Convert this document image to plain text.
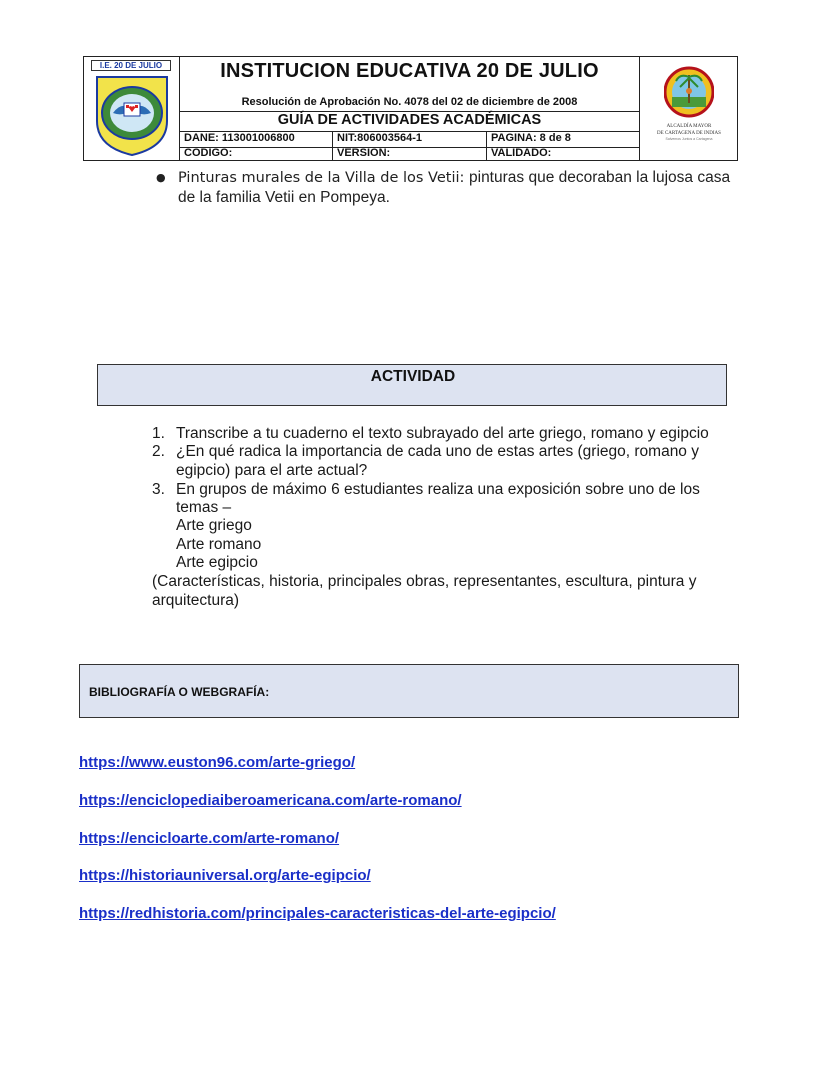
I.E. 20 DE JULIO	INSTITUCION EDUCATIVA 20 DE JULIO
Resolución de Aprobación No. 4078 del 02 de diciembre de 2008
GUÍA DE ACTIVIDADES ACADÉMICAS
DANE: 113001006800	NIT:806003564-1	PAGINA: 8 de 8
CODIGO:	VERSION:	VALIDADO:
ALCALDÍA MAYOR
DE CARTAGENA DE INDIAS
Salvemos Juntos a Cartagena
● Pinturas murales de la Villa de los Vetii: pinturas que decoraban la lujosa casa
de la familia Vetii en Pompeya.
ACTIVIDAD
1. Transcribe a tu cuaderno el texto subrayado del arte griego, romano y egipcio
2. ¿En qué radica la importancia de cada uno de estas artes (griego, romano y
egipcio) para el arte actual?
3. En grupos de máximo 6 estudiantes realiza una exposición sobre uno de los
temas –
Arte griego
Arte romano
Arte egipcio
(Características, historia, principales obras, representantes, escultura, pintura y
arquitectura)
BIBLIOGRAFÍA O WEBGRAFÍA:
https://www.euston96.com/arte-griego/
https://enciclopediaiberoamericana.com/arte-romano/
https://encicloarte.com/arte-romano/
https://historiauniversal.org/arte-egipcio/
https://redhistoria.com/principales-caracteristicas-del-arte-egipcio/
